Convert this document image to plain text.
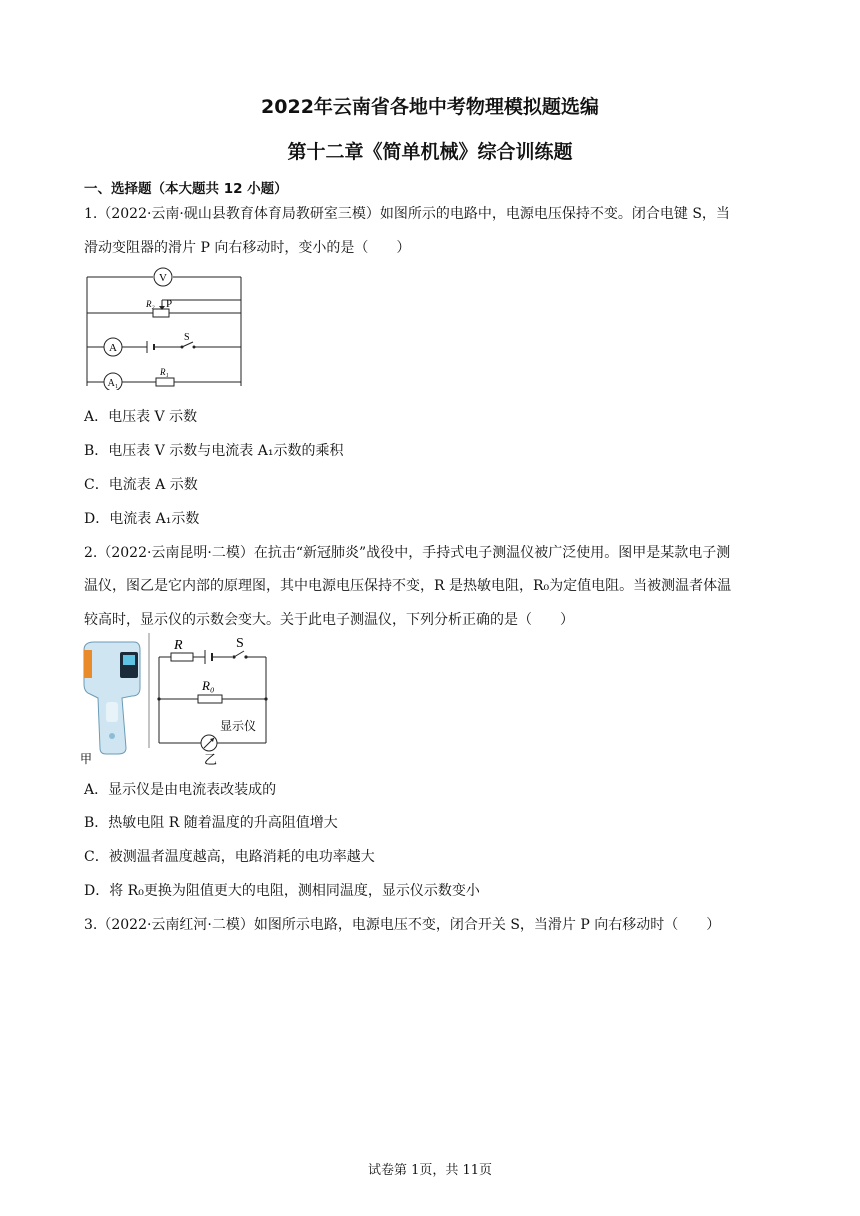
2022年云南省各地中考物理模拟题选编
第十二章《简单机械》综合训练题
一、选择题（本大题共 12 小题）
1.（2022·云南·砚山县教育体育局教研室三模）如图所示的电路中，电源电压保持不变。闭合电键 S，当
滑动变阻器的滑片 P 向右移动时，变小的是（　　）
V
A
A₁
R₂ P
S
R₁
A．电压表 V 示数
B．电压表 V 示数与电流表 A₁示数的乘积
C．电流表 A 示数
D．电流表 A₁示数
2.（2022·云南昆明·二模）在抗击“新冠肺炎”战役中，手持式电子测温仪被广泛使用。图甲是某款电子测
温仪，图乙是它内部的原理图，其中电源电压保持不变，R 是热敏电阻，R₀为定值电阻。当被测温者体温
较高时，显示仪的示数会变大。关于此电子测温仪，下列分析正确的是（　　）
甲
R	S
R₀
显示仪
乙
A．显示仪是由电流表改装成的
B．热敏电阻 R 随着温度的升高阻值增大
C．被测温者温度越高，电路消耗的电功率越大
D．将 R₀更换为阻值更大的电阻，测相同温度，显示仪示数变小
3.（2022·云南红河·二模）如图所示电路，电源电压不变，闭合开关 S，当滑片 P 向右移动时（　　）
试卷第 1页，共 11页
